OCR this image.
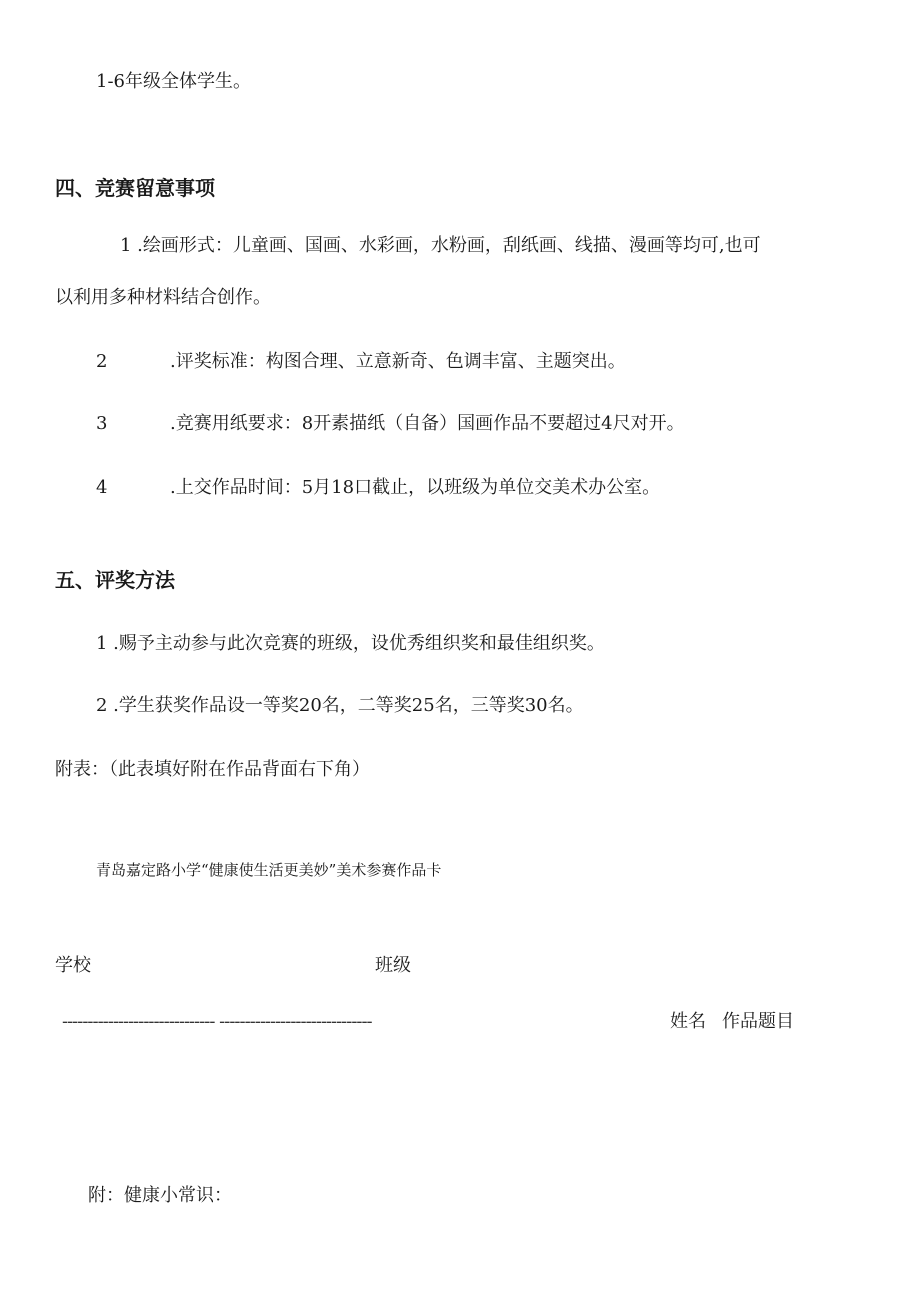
1-6年级全体学生。
四、竞赛留意事项
1 .绘画形式：儿童画、国画、水彩画，水粉画，刮纸画、线描、漫画等均可,也可
以利用多种材料结合创作。
2	.评奖标准：构图合理、立意新奇、色调丰富、主题突出。
3	.竞赛用纸要求：8开素描纸（自备）国画作品不要超过4尺对开。
4	.上交作品时间：5月18口截止，以班级为单位交美术办公室。
五、评奖方法
1 .赐予主动参与此次竞赛的班级，设优秀组织奖和最佳组织奖。
2 .学生获奖作品设一等奖20名，二等奖25名，三等奖30名。
附表：（此表填好附在作品背面右下角）
青岛嘉定路小学“健康使生活更美妙”美术参赛作品卡
学校	班级
------------------------------ ------------------------------	姓名 作品题目
附：健康小常识：
